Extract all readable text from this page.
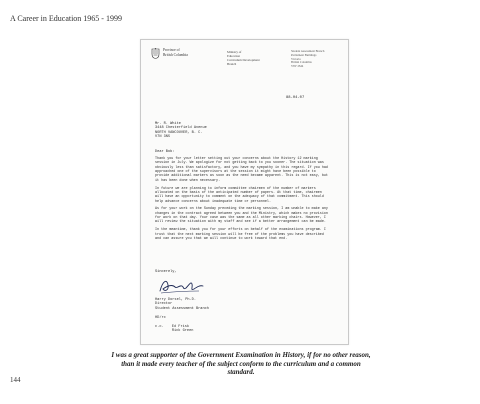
A Career in Education 1965 - 1999
Province of
British Columbia
Ministry of
Education
Curriculum Development
Branch
Student Assessment Branch
Parliament Buildings
Victoria
British Columbia
V8V 2M4
88-04-07
Mr. R. White
3448 Chesterfield Avenue
NORTH VANCOUVER, B. C.
V7N 3N5
Dear Bob:

Thank you for your letter setting out your concerns about the History 12 marking session in July. We apologize for not getting back to you sooner. The situation was obviously less than satisfactory, and you have my sympathy in this regard. If you had approached one of the supervisors at the session it might have been possible to provide additional markers as soon as the need became apparent. This is not easy, but it has been done when necessary.

In future we are planning to inform committee chairmen of the number of markers allocated on the basis of the anticipated number of papers. At that time, chairmen will have an opportunity to comment on the adequacy of that commitment. This should help advance concerns about inadequate time or personnel.

As for your work on the Sunday preceding the marking session, I am unable to make any changes in the contract agreed between you and the Ministry, which makes no provision for work on that day. Your case was the same as all other marking chairs. However, I will review the situation with my staff and see if a better arrangement can be made.

In the meantime, thank you for your efforts on behalf of the examinations program. I trust that the next marking session will be free of the problems you have described and can assure you that we will continue to work toward that end.

Sincerely,
Harry Dorsel, Ph.D.
Director
Student Assessment Branch
HD/rc
c.c. Ed Frisk
Rick Green
I was a great supporter of the Government Examination in History, if for no other reason, than it made every teacher of the subject conform to the curriculum and a common standard.
144
